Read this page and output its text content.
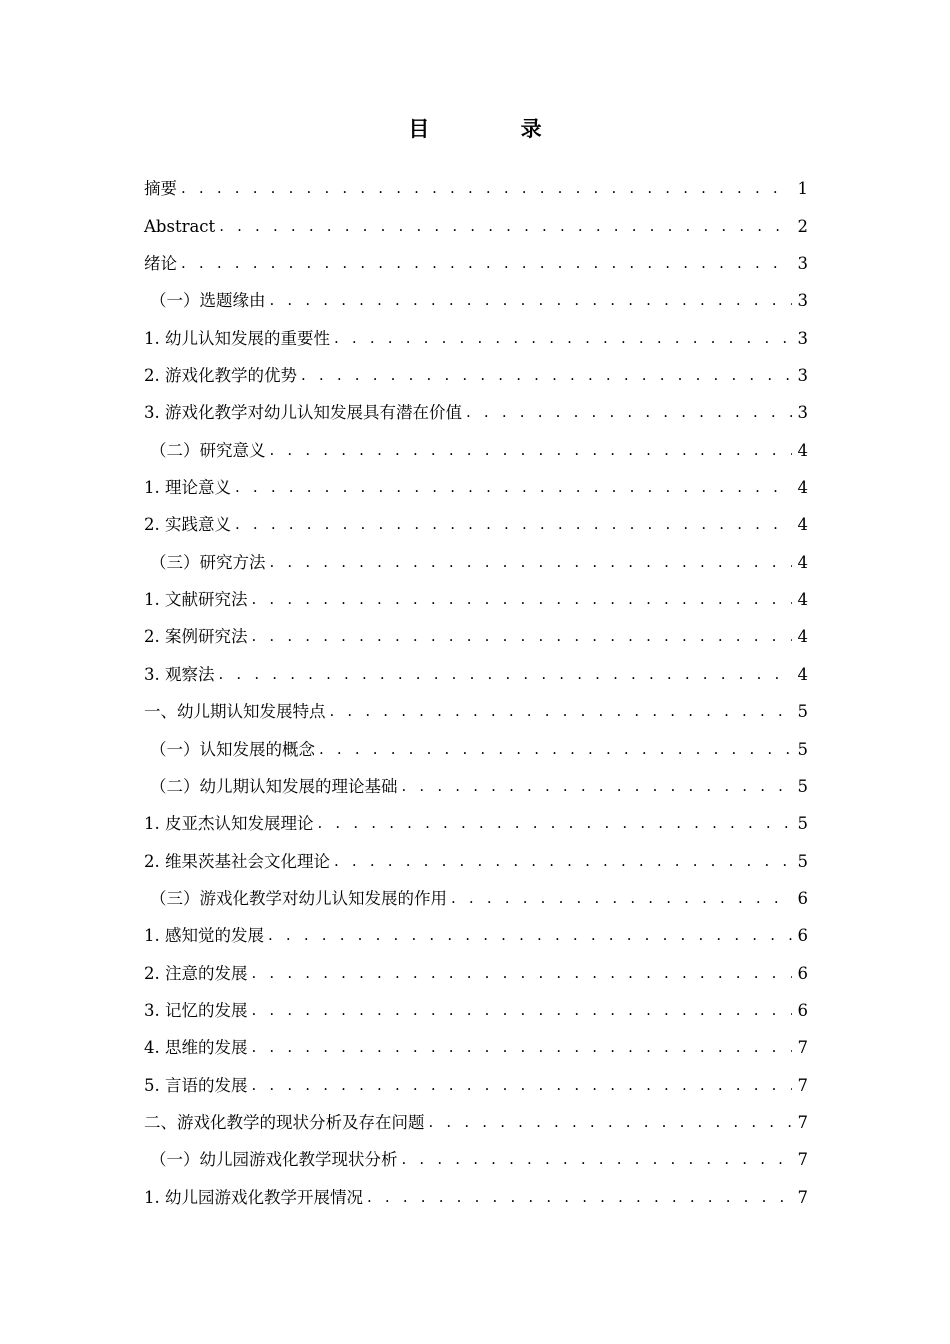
目 录
摘要 . . .	1
Abstract . . .	2
绪论 . . .	3
（一）选题缘由 . . .	3
1. 幼儿认知发展的重要性 . . .	3
2. 游戏化教学的优势 . . .	3
3. 游戏化教学对幼儿认知发展具有潜在价值 . . .	3
（二）研究意义 . . .	4
1. 理论意义 . . .	4
2. 实践意义 . . .	4
（三）研究方法 . . .	4
1. 文献研究法 . . .	4
2. 案例研究法 . . .	4
3. 观察法 . . .	4
一、幼儿期认知发展特点 . . .	5
（一）认知发展的概念 . . .	5
（二）幼儿期认知发展的理论基础 . . .	5
1. 皮亚杰认知发展理论 . . .	5
2. 维果茨基社会文化理论 . . .	5
（三）游戏化教学对幼儿认知发展的作用 . . .	6
1. 感知觉的发展 . . .	6
2. 注意的发展 . . .	6
3. 记忆的发展 . . .	6
4. 思维的发展 . . .	7
5. 言语的发展 . . .	7
二、游戏化教学的现状分析及存在问题 . . .	7
（一）幼儿园游戏化教学现状分析 . . .	7
1. 幼儿园游戏化教学开展情况 . . .	7
